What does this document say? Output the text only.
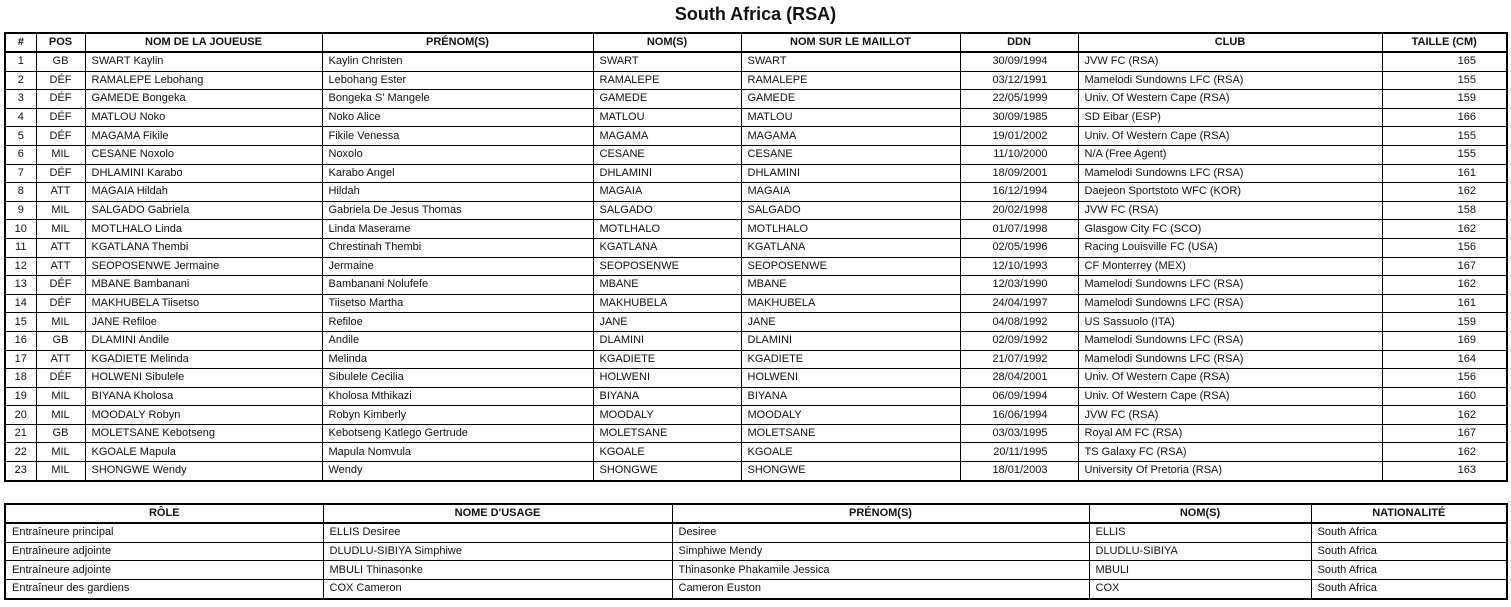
South Africa (RSA)
#	POS	NOM DE LA JOUEUSE	PRÉNOM(S)	NOM(S)	NOM SUR LE MAILLOT	DDN	CLUB	TAILLE (CM)
1	GB	SWART Kaylin	Kaylin Christen	SWART	SWART	30/09/1994	JVW FC (RSA)	165
2	DÉF	RAMALEPE Lebohang	Lebohang Ester	RAMALEPE	RAMALEPE	03/12/1991	Mamelodi Sundowns LFC (RSA)	155
3	DÉF	GAMEDE Bongeka	Bongeka S' Mangele	GAMEDE	GAMEDE	22/05/1999	Univ. Of Western Cape (RSA)	159
4	DÉF	MATLOU Noko	Noko Alice	MATLOU	MATLOU	30/09/1985	SD Eibar (ESP)	166
5	DÉF	MAGAMA Fikile	Fikile Venessa	MAGAMA	MAGAMA	19/01/2002	Univ. Of Western Cape (RSA)	155
6	MIL	CESANE Noxolo	Noxolo	CESANE	CESANE	11/10/2000	N/A (Free Agent)	155
7	DÉF	DHLAMINI Karabo	Karabo Angel	DHLAMINI	DHLAMINI	18/09/2001	Mamelodi Sundowns LFC (RSA)	161
8	ATT	MAGAIA Hildah	Hildah	MAGAIA	MAGAIA	16/12/1994	Daejeon Sportstoto WFC (KOR)	162
9	MIL	SALGADO Gabriela	Gabriela De Jesus Thomas	SALGADO	SALGADO	20/02/1998	JVW FC (RSA)	158
10	MIL	MOTLHALO Linda	Linda Maserame	MOTLHALO	MOTLHALO	01/07/1998	Glasgow City FC (SCO)	162
11	ATT	KGATLANA Thembi	Chrestinah Thembi	KGATLANA	KGATLANA	02/05/1996	Racing Louisville FC (USA)	156
12	ATT	SEOPOSENWE Jermaine	Jermaine	SEOPOSENWE	SEOPOSENWE	12/10/1993	CF Monterrey (MEX)	167
13	DÉF	MBANE Bambanani	Bambanani Nolufefe	MBANE	MBANE	12/03/1990	Mamelodi Sundowns LFC (RSA)	162
14	DÉF	MAKHUBELA Tiisetso	Tiisetso Martha	MAKHUBELA	MAKHUBELA	24/04/1997	Mamelodi Sundowns LFC (RSA)	161
15	MIL	JANE Refiloe	Refiloe	JANE	JANE	04/08/1992	US Sassuolo (ITA)	159
16	GB	DLAMINI Andile	Andile	DLAMINI	DLAMINI	02/09/1992	Mamelodi Sundowns LFC (RSA)	169
17	ATT	KGADIETE Melinda	Melinda	KGADIETE	KGADIETE	21/07/1992	Mamelodi Sundowns LFC (RSA)	164
18	DÉF	HOLWENI Sibulele	Sibulele Cecilia	HOLWENI	HOLWENI	28/04/2001	Univ. Of Western Cape (RSA)	156
19	MIL	BIYANA Kholosa	Kholosa Mthikazi	BIYANA	BIYANA	06/09/1994	Univ. Of Western Cape (RSA)	160
20	MIL	MOODALY Robyn	Robyn Kimberly	MOODALY	MOODALY	16/06/1994	JVW FC (RSA)	162
21	GB	MOLETSANE Kebotseng	Kebotseng Katlego Gertrude	MOLETSANE	MOLETSANE	03/03/1995	Royal AM FC (RSA)	167
22	MIL	KGOALE Mapula	Mapula Nomvula	KGOALE	KGOALE	20/11/1995	TS Galaxy FC (RSA)	162
23	MIL	SHONGWE Wendy	Wendy	SHONGWE	SHONGWE	18/01/2003	University Of Pretoria (RSA)	163
RÔLE	NOME D'USAGE	PRÉNOM(S)	NOM(S)	NATIONALITÉ
Entraîneure principal	ELLIS Desiree	Desiree	ELLIS	South Africa
Entraîneure adjointe	DLUDLU-SIBIYA Simphiwe	Simphiwe Mendy	DLUDLU-SIBIYA	South Africa
Entraîneure adjointe	MBULI Thinasonke	Thinasonke Phakamile Jessica	MBULI	South Africa
Entraîneur des gardiens	COX Cameron	Cameron Euston	COX	South Africa
